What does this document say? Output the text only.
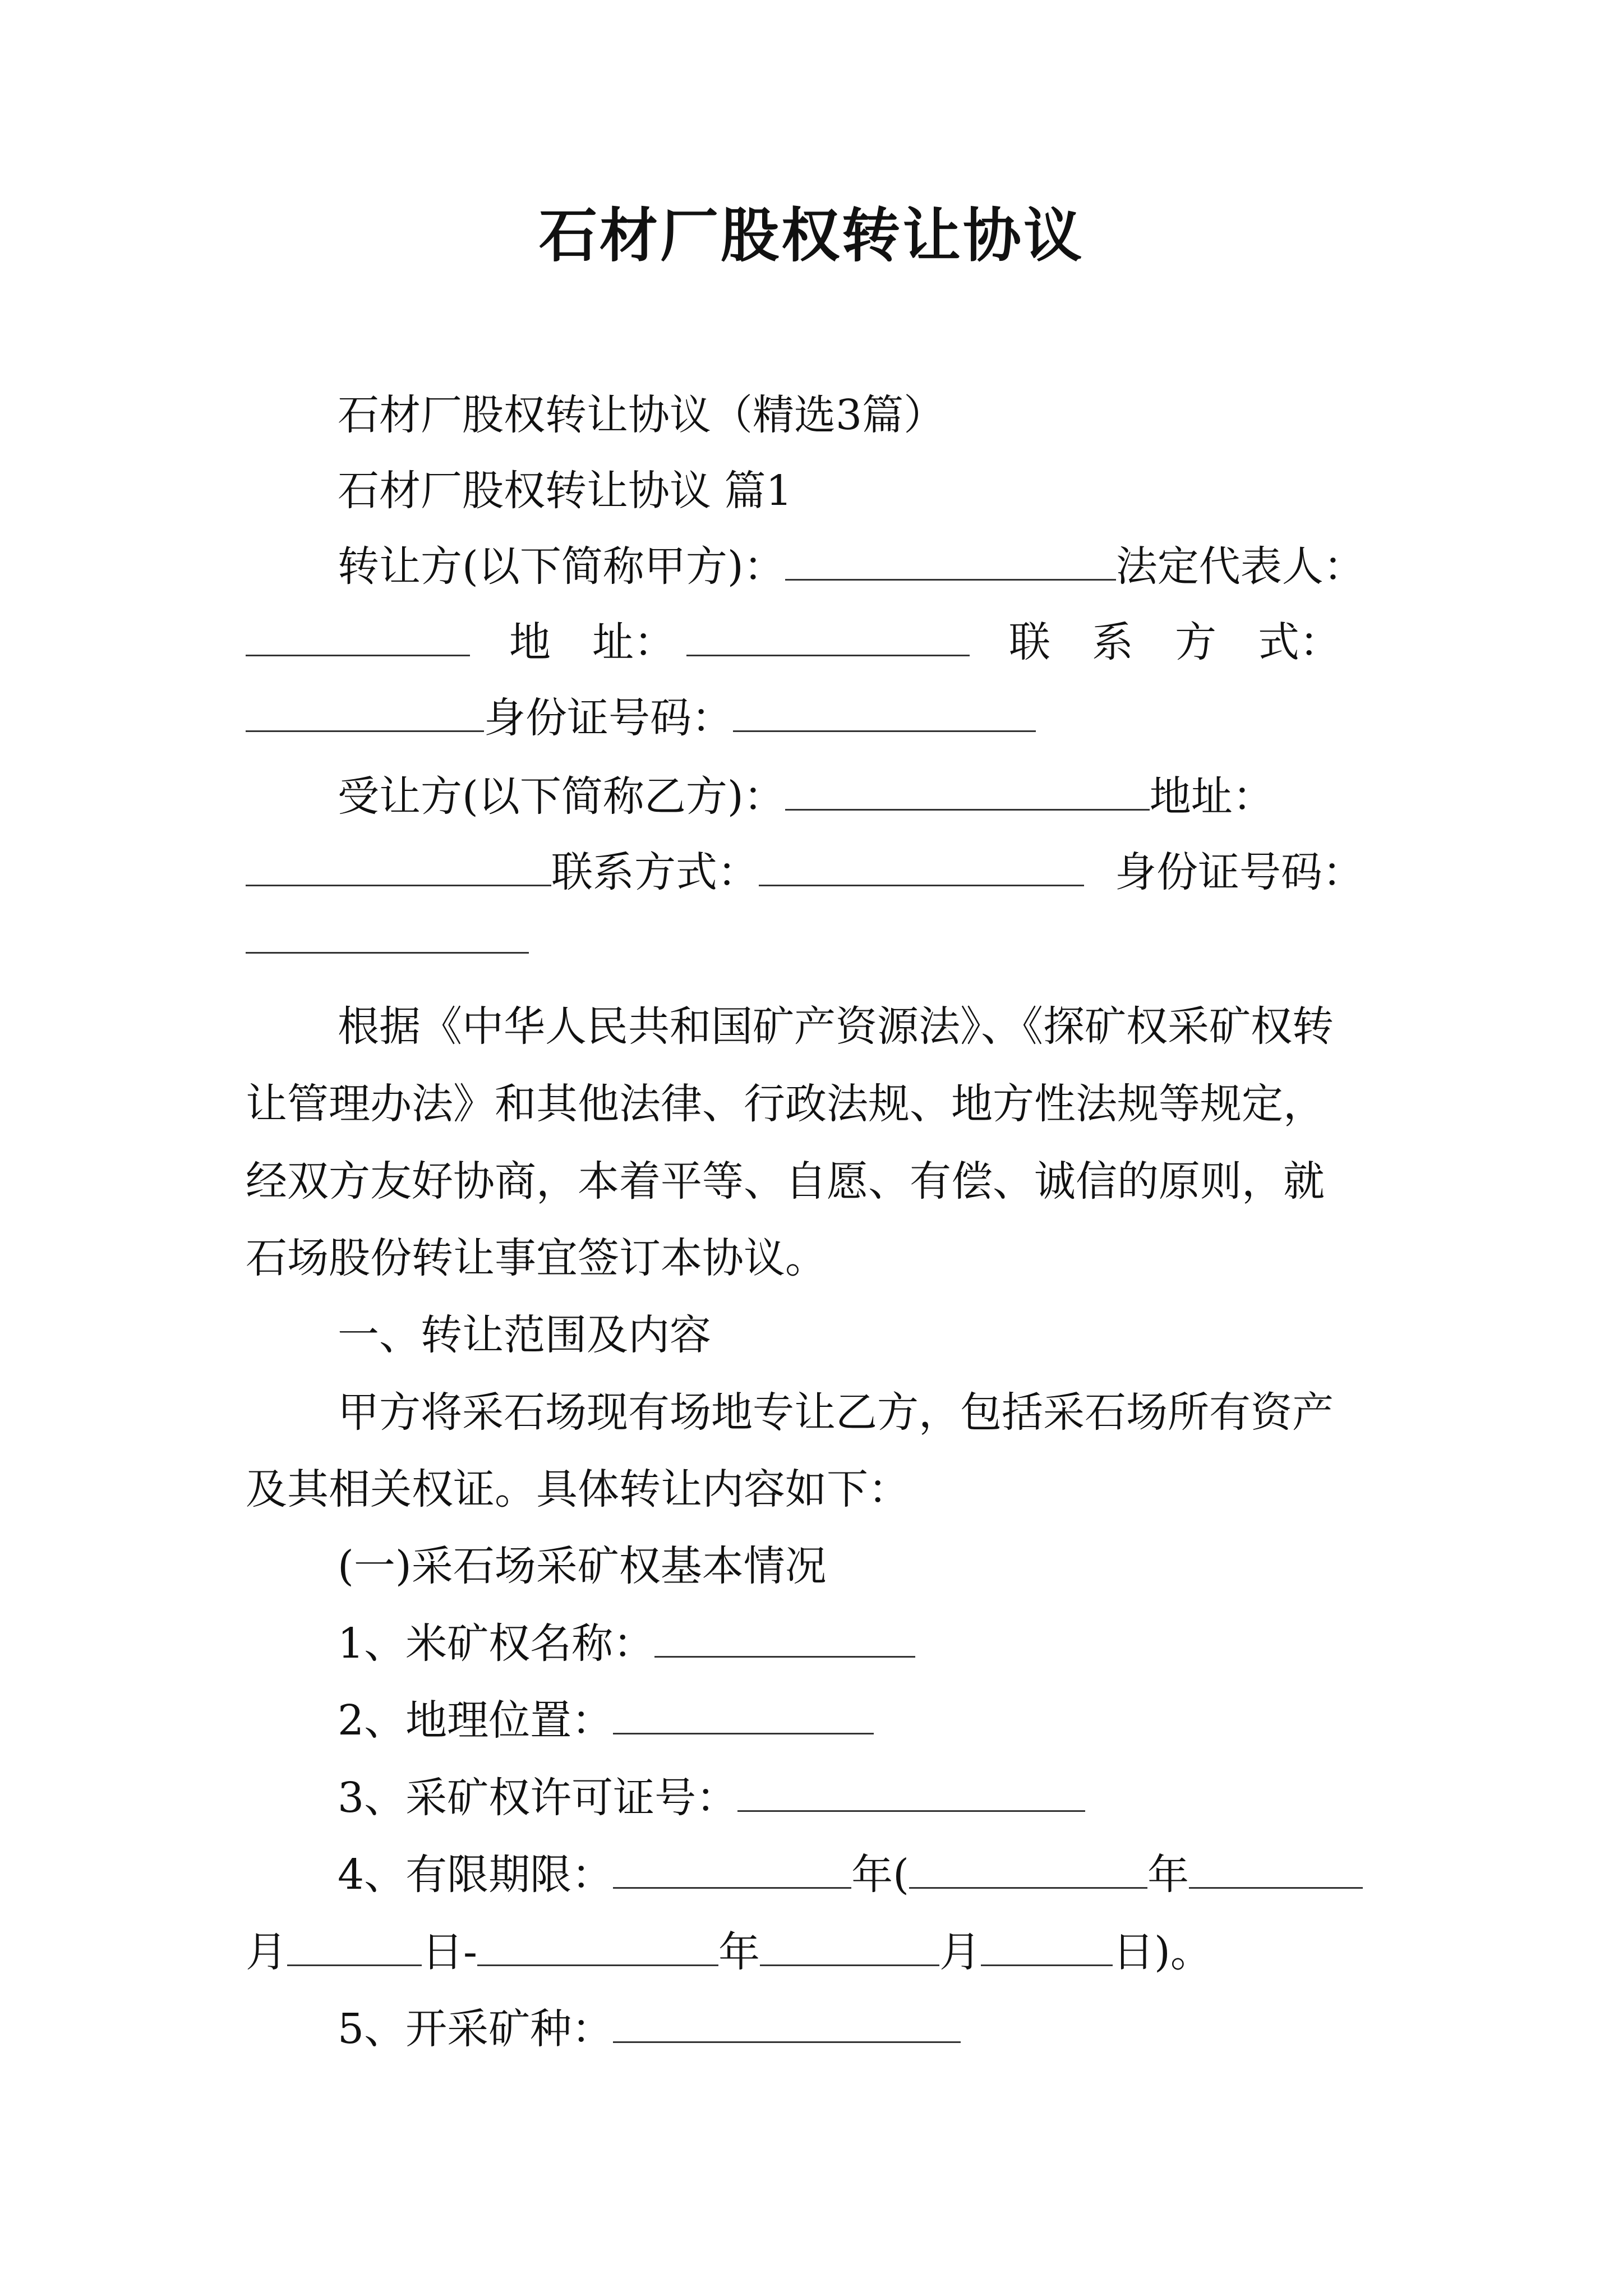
石材厂股权转让协议
石材厂股权转让协议（精选3篇）
石材厂股权转让协议 篇1
转让方(以下简称甲方)：	法定代表人：
地　址：	联　系　方　式：
身份证号码：
受让方(以下简称乙方)：	地址：
联系方式：	身份证号码：
根据《中华人民共和国矿产资源法》、《探矿权采矿权转
让管理办法》和其他法律、行政法规、地方性法规等规定，
经双方友好协商，本着平等、自愿、有偿、诚信的原则，就
石场股份转让事宜签订本协议。
一、转让范围及内容
甲方将采石场现有场地专让乙方，包括采石场所有资产
及其相关权证。具体转让内容如下：
(一)采石场采矿权基本情况
1、米矿权名称：
2、地理位置：
3、采矿权许可证号：
4、有限期限：	年(	年
月	日-	年	月	日)。
5、开采矿种：
